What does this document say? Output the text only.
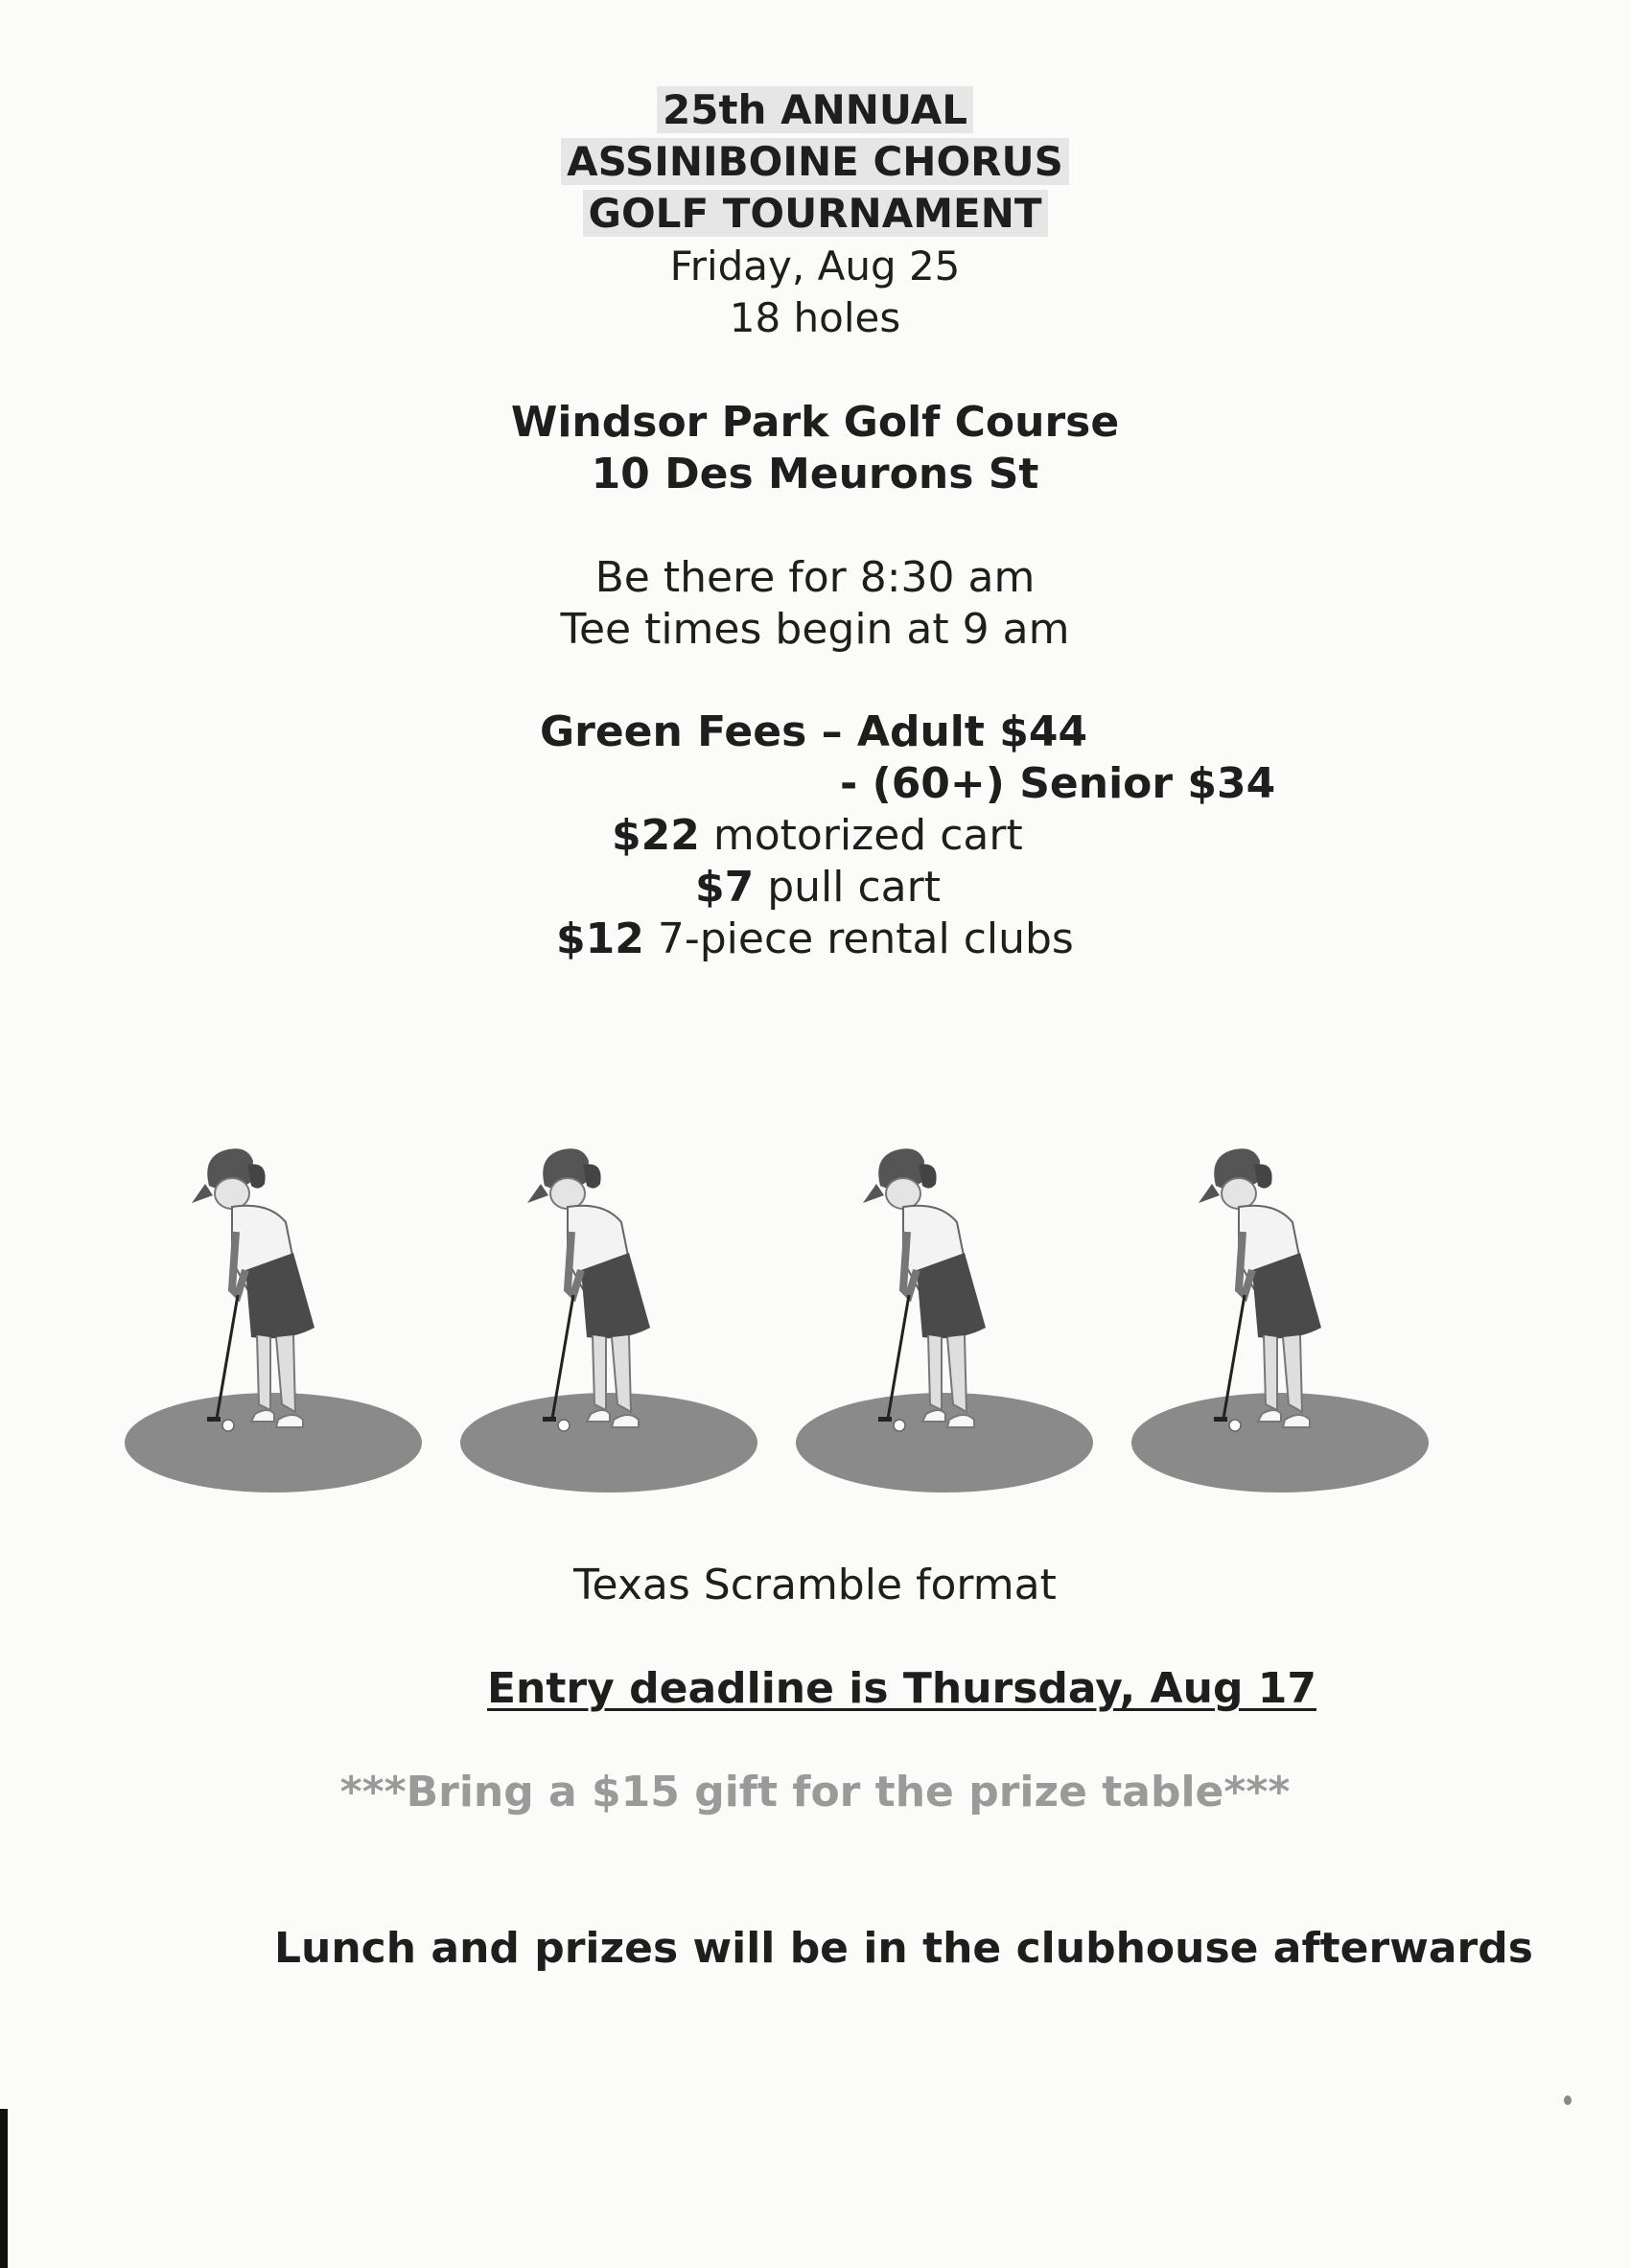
25th ANNUAL
ASSINIBOINE CHORUS
GOLF TOURNAMENT
Friday, Aug 25
18 holes
Windsor Park Golf Course
10 Des Meurons St
Be there for 8:30 am
Tee times begin at 9 am
Green Fees – Adult $44
- (60+) Senior $34
$22 motorized cart
$7 pull cart
$12 7-piece rental clubs
Texas Scramble format
Entry deadline is Thursday, Aug 17
***Bring a $15 gift for the prize table***
Lunch and prizes will be in the clubhouse afterwards
